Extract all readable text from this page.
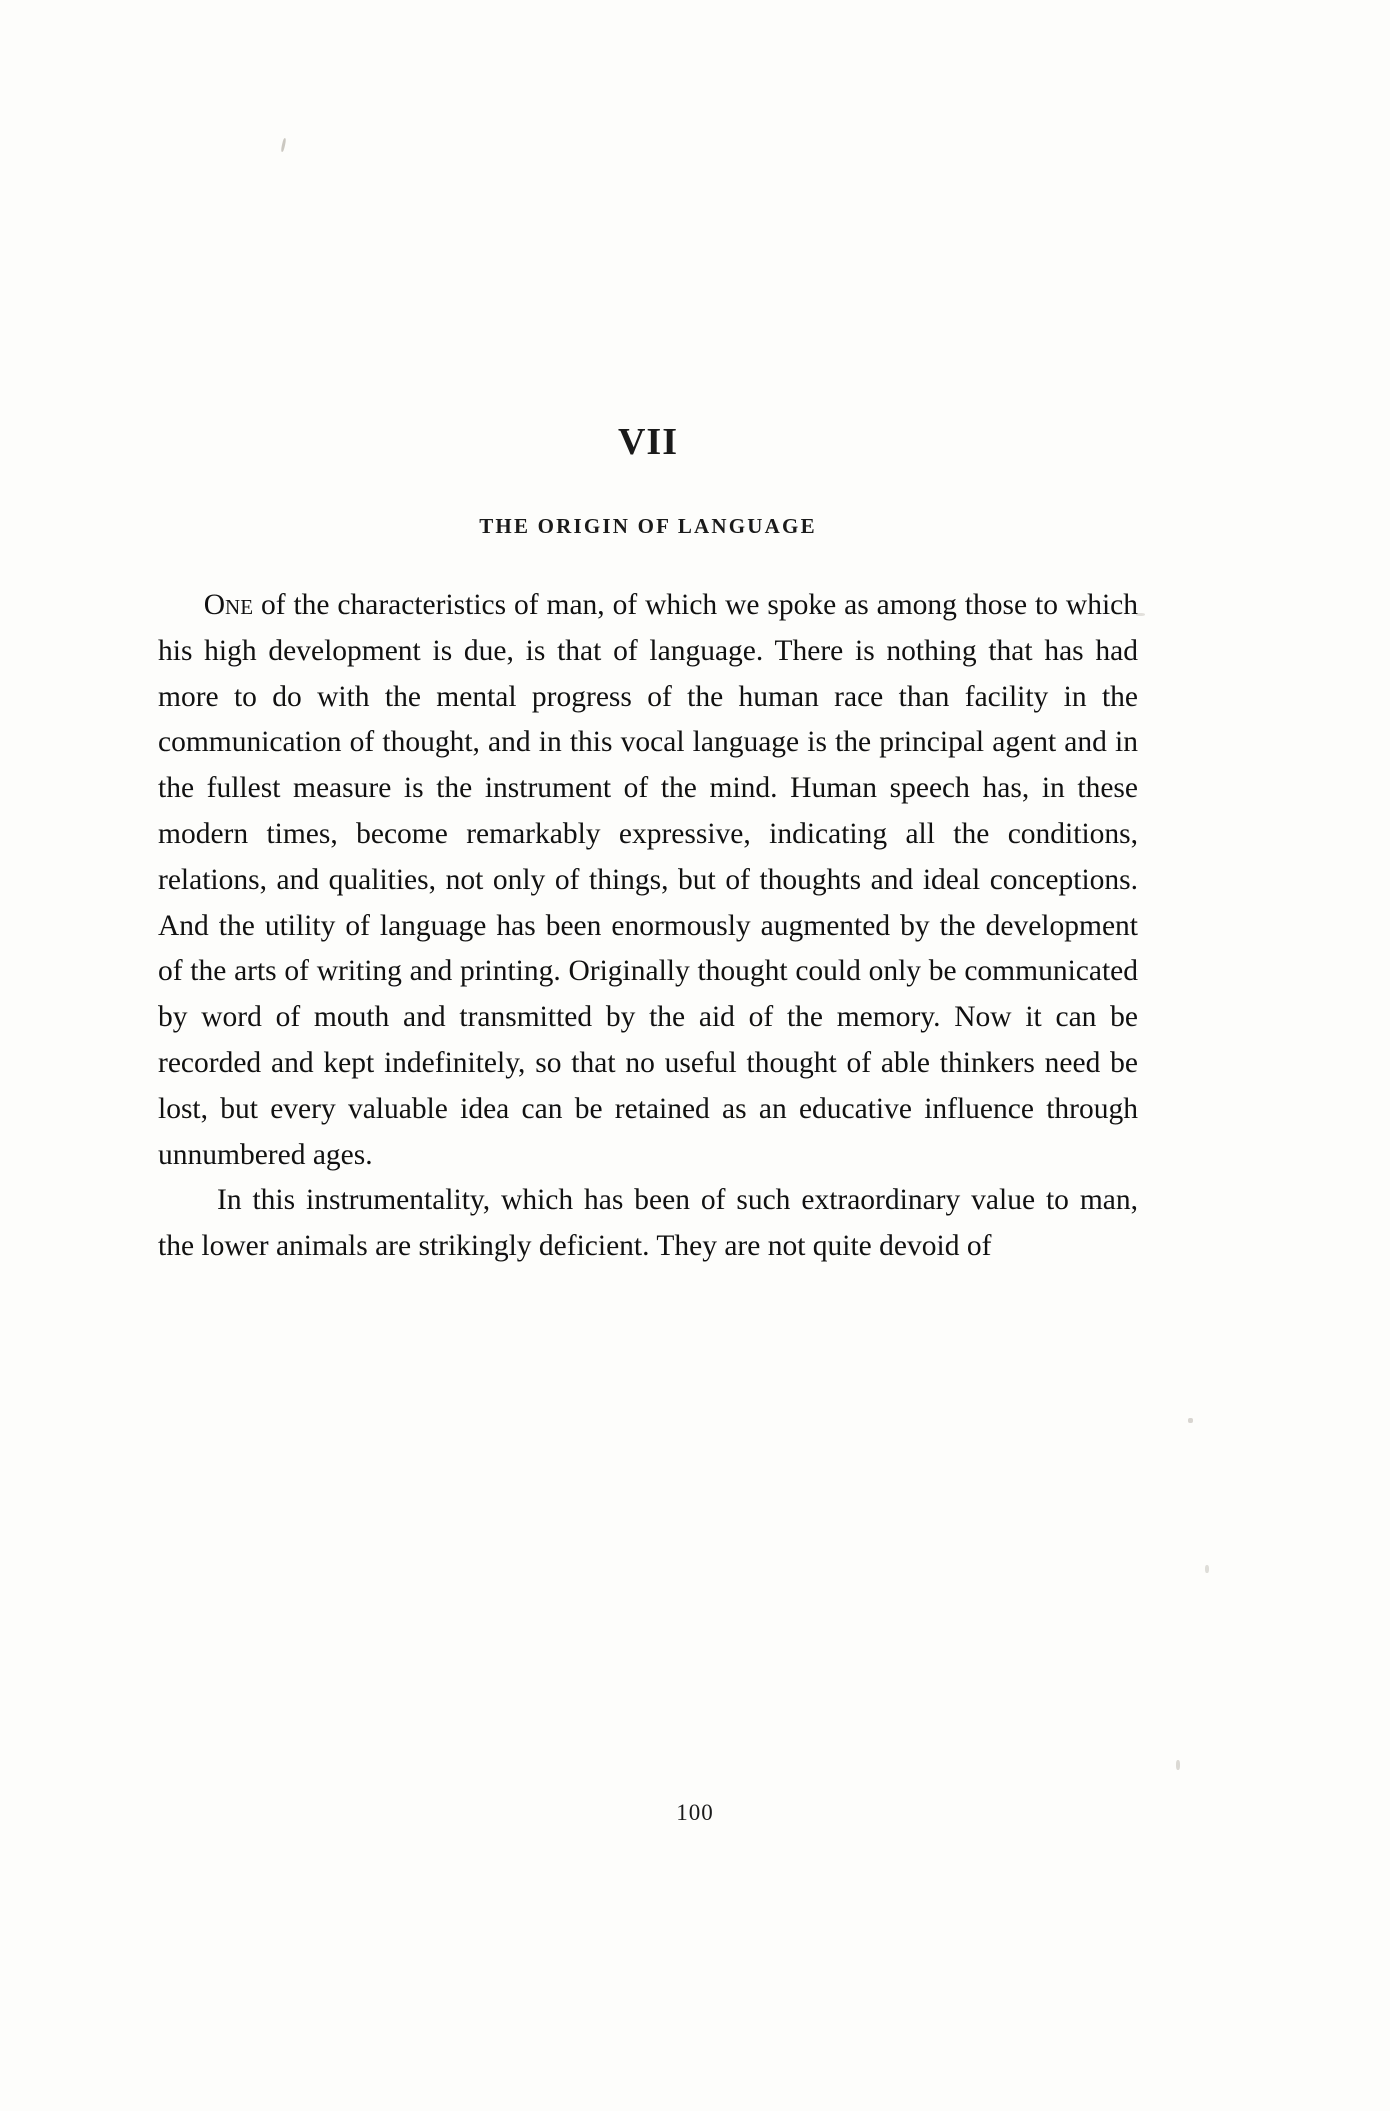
VII
THE ORIGIN OF LANGUAGE

One of the characteristics of man, of which we spoke as among those to which his high development is due, is that of language. There is nothing that has had more to do with the mental progress of the human race than facility in the communication of thought, and in this vocal language is the principal agent and in the fullest measure is the instrument of the mind. Human speech has, in these modern times, become remarkably expressive, indicating all the conditions, relations, and qualities, not only of things, but of thoughts and ideal conceptions. And the utility of language has been enormously augmented by the development of the arts of writing and printing. Originally thought could only be communicated by word of mouth and transmitted by the aid of the memory. Now it can be recorded and kept indefinitely, so that no useful thought of able thinkers need be lost, but every valuable idea can be retained as an educative influence through unnumbered ages.

In this instrumentality, which has been of such extraordinary value to man, the lower animals are strikingly deficient. They are not quite devoid of

100
